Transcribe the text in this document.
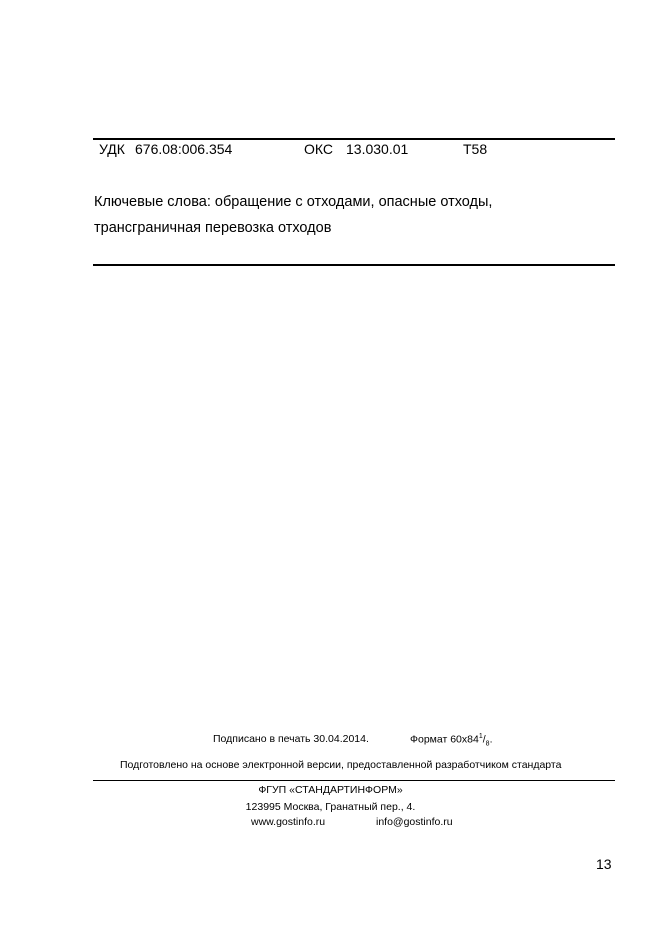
УДК 676.08:006.354	ОКС 13.030.01	Т58
Ключевые слова: обращение с отходами, опасные отходы,
трансграничная перевозка отходов
Подписано в печать 30.04.2014.	Формат $60x84^1/_8$.
Подготовлено на основе электронной версии, предоставленной разработчиком стандарта
ФГУП «СТАНДАРТИНФОРМ»
123995 Москва, Гранатный пер., 4.
www.gostinfo.ru	info@gostinfo.ru
13
